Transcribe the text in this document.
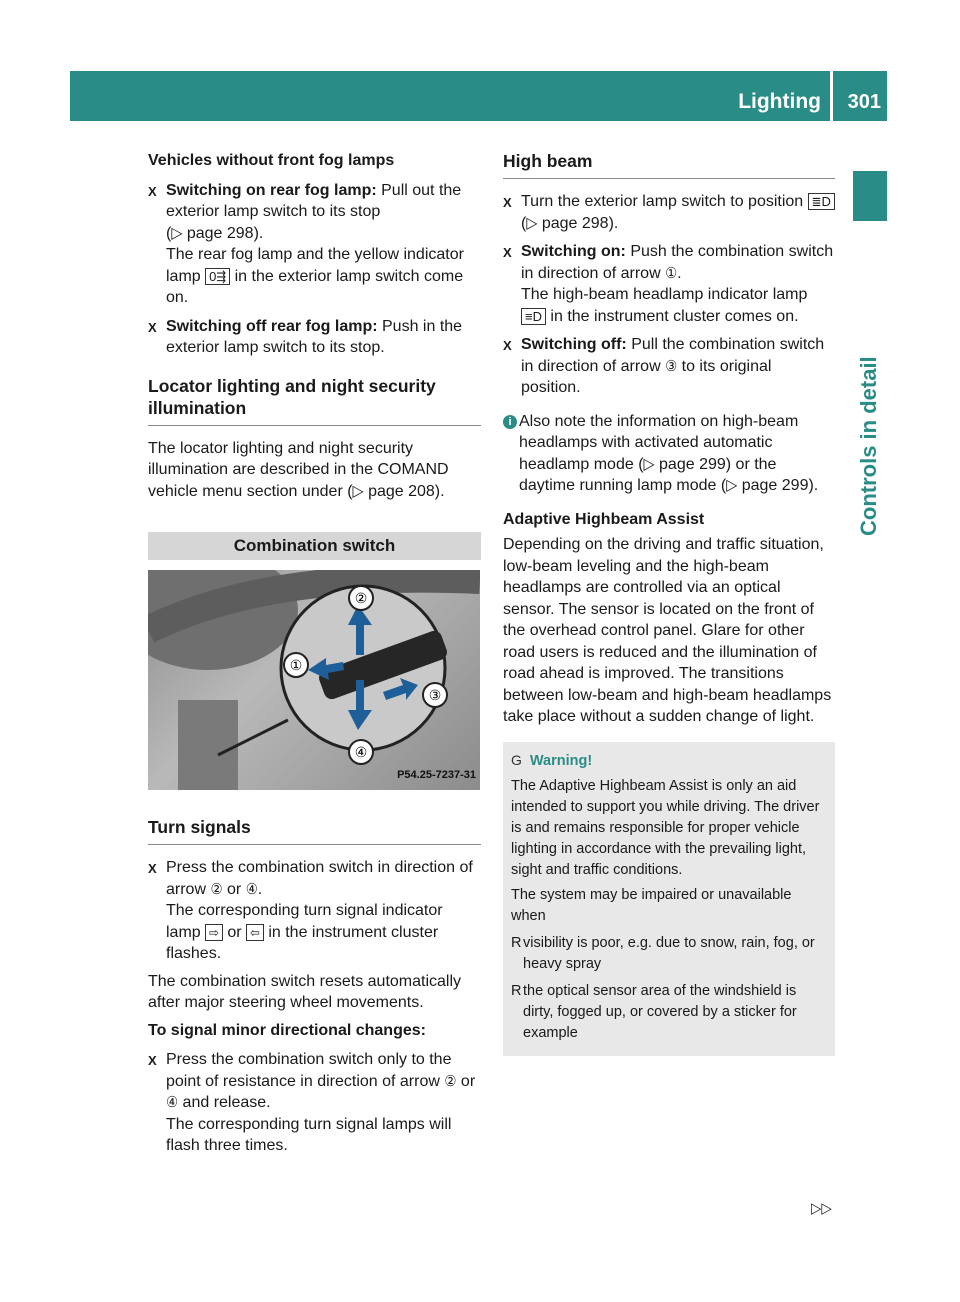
Lighting 301
Controls in detail

Vehicles without front fog lamps

X Switching on rear fog lamp: Pull out the exterior lamp switch to its stop
(▷ page 298).
The rear fog lamp and the yellow indicator lamp 0⇶ in the exterior lamp switch come on.
X Switching off rear fog lamp: Push in the exterior lamp switch to its stop.
Locator lighting and night security illumination

The locator lighting and night security illumination are described in the COMAND vehicle menu section under (▷ page 208).

Combination switch
②
①
③
④
P54.25-7237-31
Turn signals
X Press the combination switch in direction of arrow ② or ④.
The corresponding turn signal indicator lamp ⇨ or ⇦ in the instrument cluster flashes.

The combination switch resets automatically after major steering wheel movements.

To signal minor directional changes:

X Press the combination switch only to the point of resistance in direction of arrow ② or ④ and release.
The corresponding turn signal lamps will flash three times.
High beam
X Turn the exterior lamp switch to position ≣D (▷ page 298).
X Switching on: Push the combination switch in direction of arrow ①.
The high-beam headlamp indicator lamp ≡D in the instrument cluster comes on.
X Switching off: Pull the combination switch in direction of arrow ③ to its original position.
i Also note the information on high-beam headlamps with activated automatic headlamp mode (▷ page 299) or the daytime running lamp mode (▷ page 299).

Adaptive Highbeam Assist

Depending on the driving and traffic situation, low-beam leveling and the high-beam headlamps are controlled via an optical sensor. The sensor is located on the front of the overhead control panel. Glare for other road users is reduced and the illumination of road ahead is improved. The transitions between low-beam and high-beam headlamps take place without a sudden change of light.

G Warning!

The Adaptive Highbeam Assist is only an aid intended to support you while driving. The driver is and remains responsible for proper vehicle lighting in accordance with the prevailing light, sight and traffic conditions.

The system may be impaired or unavailable when

R visibility is poor, e.g. due to snow, rain, fog, or heavy spray
R the optical sensor area of the windshield is dirty, fogged up, or covered by a sticker for example
▷▷
